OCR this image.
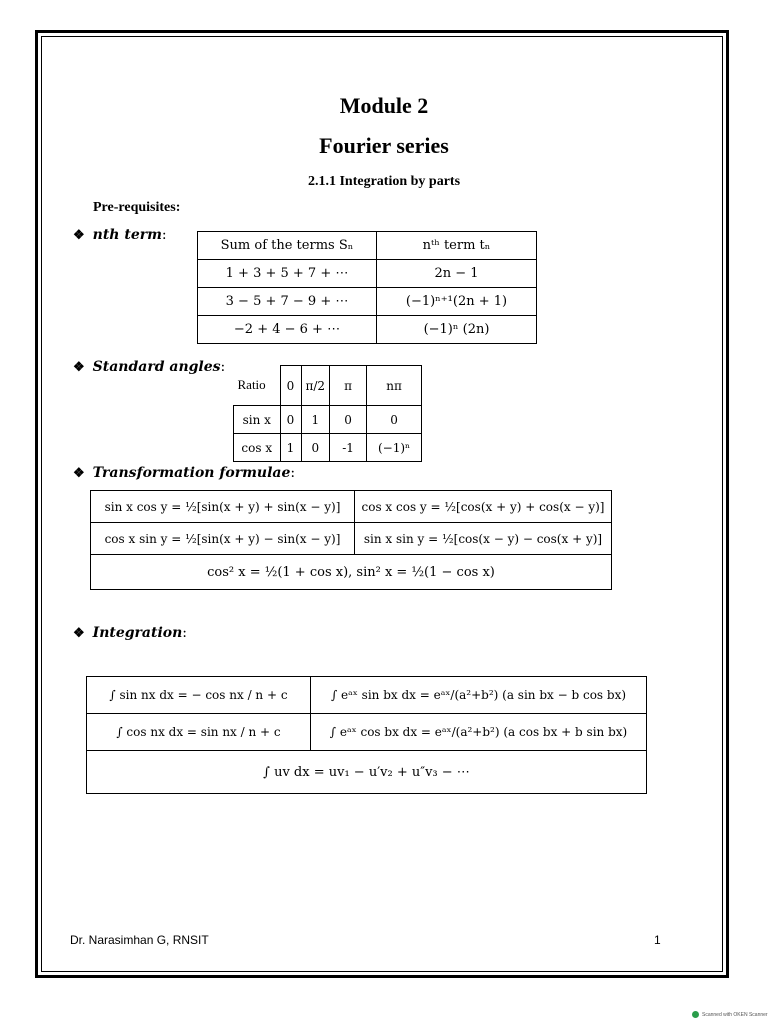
Module 2
Fourier series
2.1.1 Integration by parts
Pre-requisites:
❖ nth term:
Sum of the terms Sₙ	nᵗʰ term tₙ
1 + 3 + 5 + 7 + ⋯	2n − 1
3 − 5 + 7 − 9 + ⋯	(−1)ⁿ⁺¹(2n + 1)
−2 + 4 − 6 + ⋯	(−1)ⁿ (2n)
❖ Standard angles:
Ratio	0	π/2	π	nπ
sin x	0	1	0	0
cos x	1	0	-1	(−1)ⁿ
❖ Transformation formulae:
sin x cos y = ½[sin(x + y) + sin(x − y)]	cos x cos y = ½[cos(x + y) + cos(x − y)]
cos x sin y = ½[sin(x + y) − sin(x − y)]	sin x sin y = ½[cos(x − y) − cos(x + y)]
cos² x = ½(1 + cos x), sin² x = ½(1 − cos x)	
❖ Integration:
∫ sin nx dx = − cos nx / n + c	∫ eᵃˣ sin bx dx = eᵃˣ/(a²+b²) (a sin bx − b cos bx)
∫ cos nx dx = sin nx / n + c	∫ eᵃˣ cos bx dx = eᵃˣ/(a²+b²) (a cos bx + b sin bx)
∫ uv dx = uv₁ − u′v₂ + u″v₃ − ⋯	
Dr. Narasimhan G, RNSIT	1
Scanned with OKEN Scanner
